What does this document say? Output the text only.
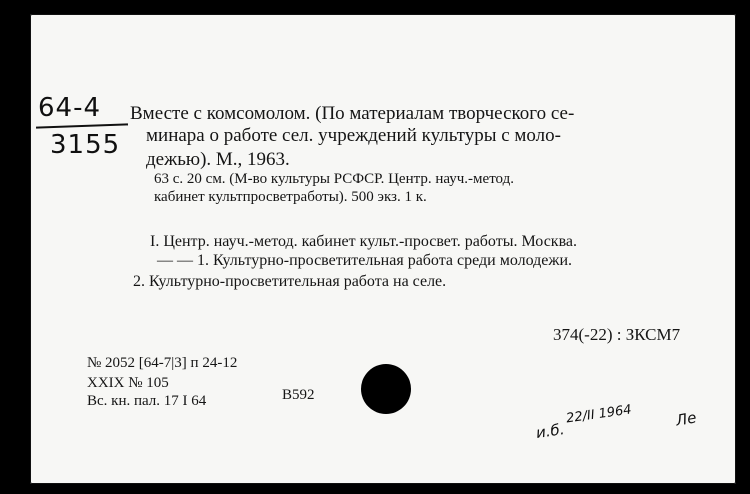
64-4
3155
Вместе с комсомолом. (По материалам творческого се-
минара о работе сел. учреждений культуры с моло-
дежью). М., 1963.
63 с. 20 см. (М-во культуры РСФСР. Центр. науч.-метод.
кабинет культпросветработы). 500 экз. 1 к.
I. Центр. науч.-метод. кабинет культ.-просвет. работы. Москва.
— — 1. Культурно-просветительная работа среди молодежи.
2. Культурно-просветительная работа на селе.
374(-22) : ЗКСМ7
№ 2052 [64-7|3] п 24-12
XXIX № 105
Вс. кн. пал. 17 I 64	В592
и.б.
22/II 1964	Ле
